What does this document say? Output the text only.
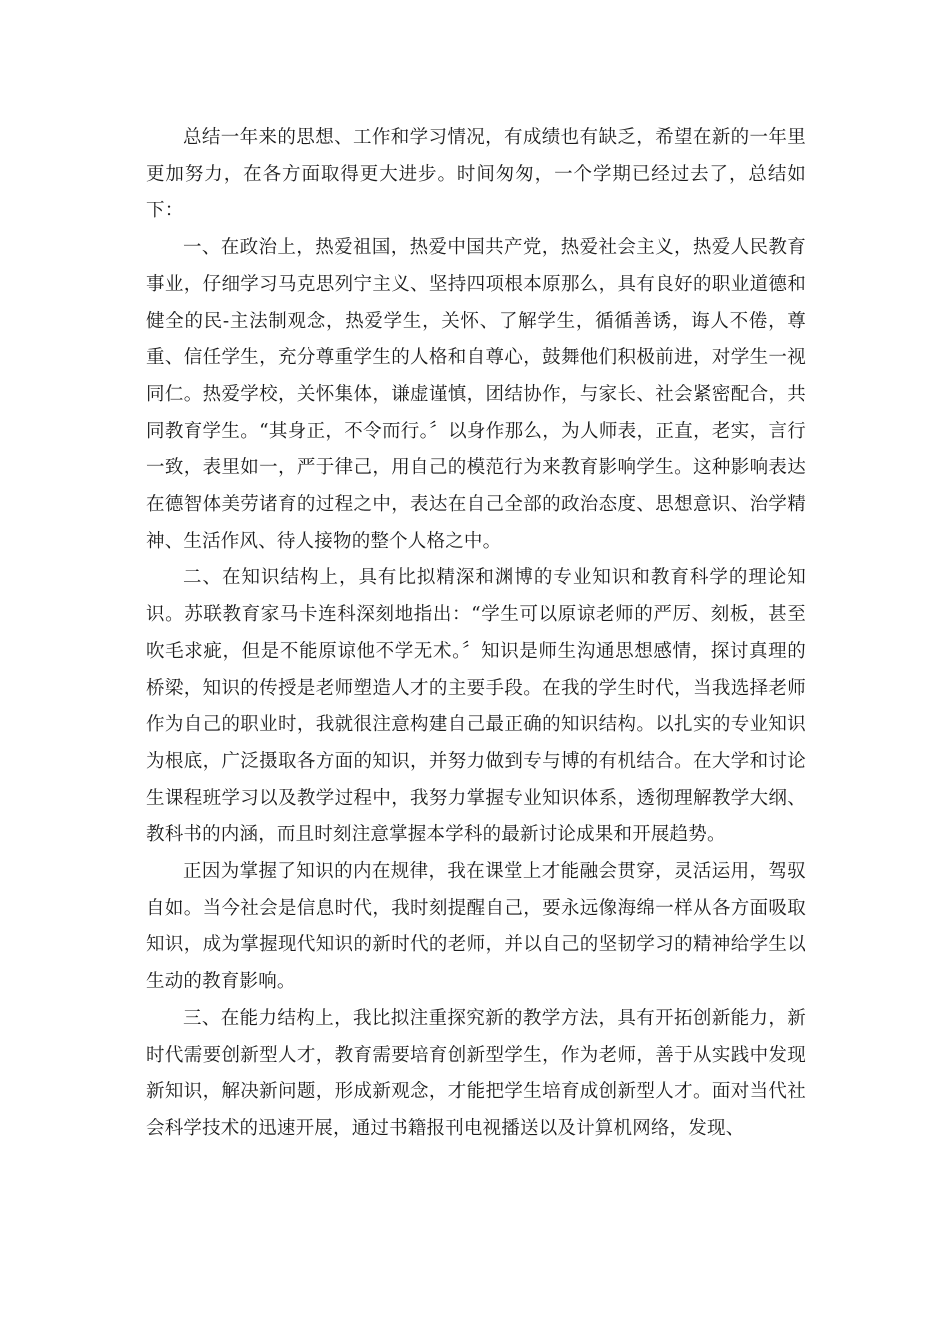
总结一年来的思想、工作和学习情况，有成绩也有缺乏，希望在新的一年里更加努力，在各方面取得更大进步。时间匆匆，一个学期已经过去了，总结如下：

一、在政治上，热爱祖国，热爱中国共产党，热爱社会主义，热爱人民教育事业，仔细学习马克思列宁主义、坚持四项根本原那么，具有良好的职业道德和健全的民-主法制观念，热爱学生，关怀、了解学生，循循善诱，诲人不倦，尊重、信任学生，充分尊重学生的人格和自尊心，鼓舞他们积极前进，对学生一视同仁。热爱学校，关怀集体，谦虚谨慎，团结协作，与家长、社会紧密配合，共同教育学生。“其身正，不令而行。〞以身作那么，为人师表，正直，老实，言行一致，表里如一，严于律己，用自己的模范行为来教育影响学生。这种影响表达在德智体美劳诸育的过程之中，表达在自己全部的政治态度、思想意识、治学精神、生活作风、待人接物的整个人格之中。

二、在知识结构上，具有比拟精深和渊博的专业知识和教育科学的理论知识。苏联教育家马卡连科深刻地指出：“学生可以原谅老师的严厉、刻板，甚至吹毛求疵，但是不能原谅他不学无术。〞知识是师生沟通思想感情，探讨真理的桥梁，知识的传授是老师塑造人才的主要手段。在我的学生时代，当我选择老师作为自己的职业时，我就很注意构建自己最正确的知识结构。以扎实的专业知识为根底，广泛摄取各方面的知识，并努力做到专与博的有机结合。在大学和讨论生课程班学习以及教学过程中，我努力掌握专业知识体系，透彻理解教学大纲、教科书的内涵，而且时刻注意掌握本学科的最新讨论成果和开展趋势。

正因为掌握了知识的内在规律，我在课堂上才能融会贯穿，灵活运用，驾驭自如。当今社会是信息时代，我时刻提醒自己，要永远像海绵一样从各方面吸取知识，成为掌握现代知识的新时代的老师，并以自己的坚韧学习的精神给学生以生动的教育影响。

三、在能力结构上，我比拟注重探究新的教学方法，具有开拓创新能力，新时代需要创新型人才，教育需要培育创新型学生，作为老师，善于从实践中发现新知识，解决新问题，形成新观念，才能把学生培育成创新型人才。面对当代社会科学技术的迅速开展，通过书籍报刊电视播送以及计算机网络，发现、
